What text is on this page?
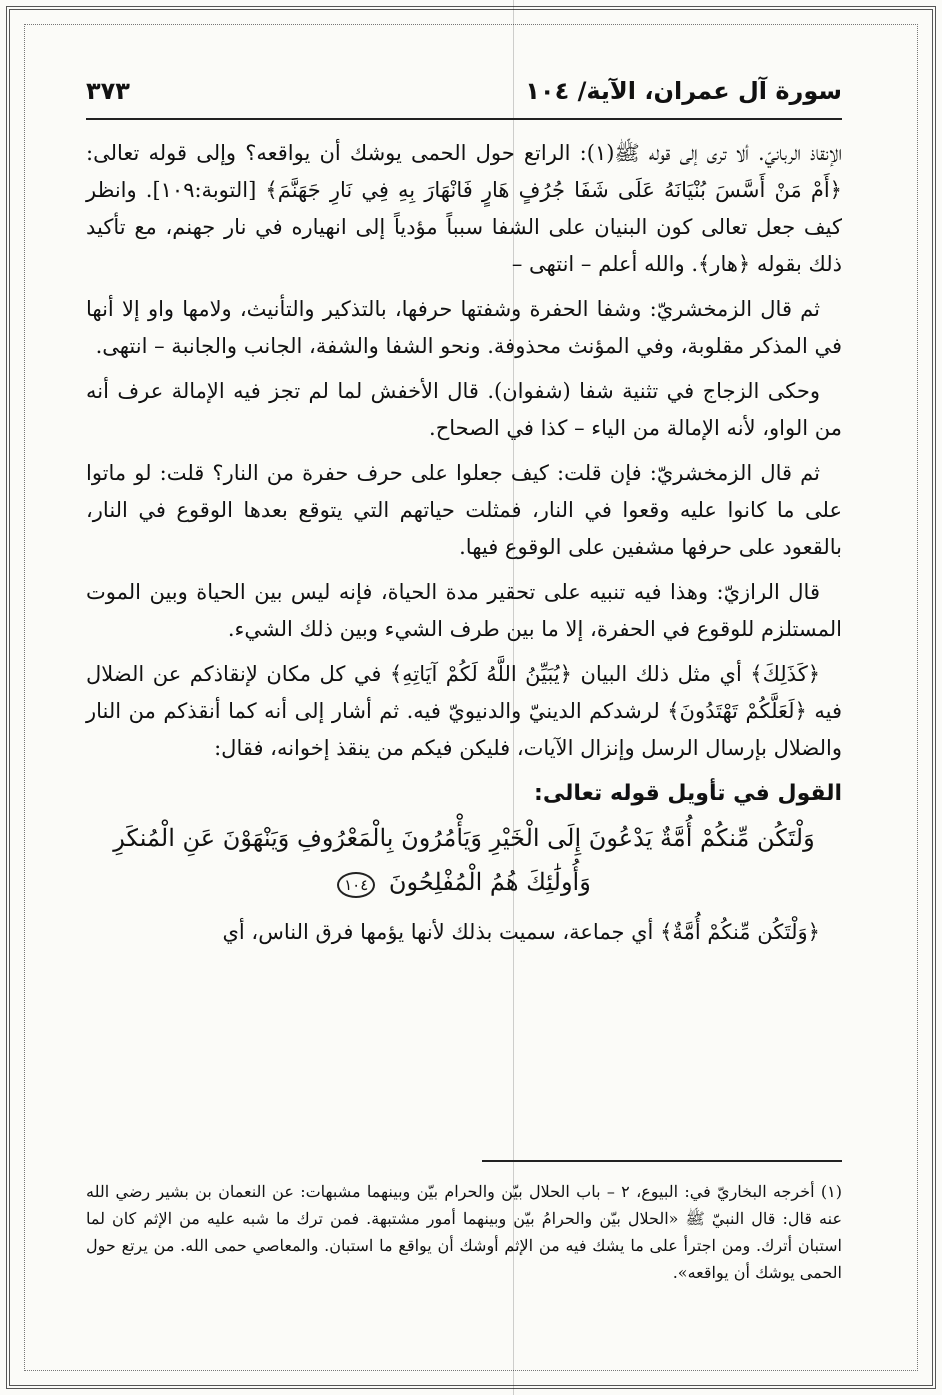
سورة آل عمران، الآية/ ١٠٤
٣٧٣

الإنقاذ الربانيّ. ألا ترى إلى قوله ﷺ(١): الراتع حول الحمى يوشك أن يواقعه؟ وإلى قوله تعالى: ﴿أَمْ مَنْ أَسَّسَ بُنْيَانَهُ عَلَى شَفَا جُرُفٍ هَارٍ فَانْهَارَ بِهِ فِي نَارِ جَهَنَّمَ﴾ [التوبة:١٠٩]. وانظر كيف جعل تعالى كون البنيان على الشفا سبباً مؤدياً إلى انهياره في نار جهنم، مع تأكيد ذلك بقوله ﴿هار﴾. والله أعلم – انتهى –

ثم قال الزمخشريّ: وشفا الحفرة وشفتها حرفها، بالتذكير والتأنيث، ولامها واو إلا أنها في المذكر مقلوبة، وفي المؤنث محذوفة. ونحو الشفا والشفة، الجانب والجانبة – انتهى.

وحكى الزجاج في تثنية شفا (شفوان). قال الأخفش لما لم تجز فيه الإمالة عرف أنه من الواو، لأنه الإمالة من الياء – كذا في الصحاح.

ثم قال الزمخشريّ: فإن قلت: كيف جعلوا على حرف حفرة من النار؟ قلت: لو ماتوا على ما كانوا عليه وقعوا في النار، فمثلت حياتهم التي يتوقع بعدها الوقوع في النار، بالقعود على حرفها مشفين على الوقوع فيها.

قال الرازيّ: وهذا فيه تنبيه على تحقير مدة الحياة، فإنه ليس بين الحياة وبين الموت المستلزم للوقوع في الحفرة، إلا ما بين طرف الشيء وبين ذلك الشيء.

﴿كَذَلِكَ﴾ أي مثل ذلك البيان ﴿يُبَيِّنُ اللَّهُ لَكُمْ آيَاتِهِ﴾ في كل مكان لإنقاذكم عن الضلال فيه ﴿لَعَلَّكُمْ تَهْتَدُونَ﴾ لرشدكم الدينيّ والدنيويّ فيه. ثم أشار إلى أنه كما أنقذكم من النار والضلال بإرسال الرسل وإنزال الآيات، فليكن فيكم من ينقذ إخوانه، فقال:

القول في تأويل قوله تعالى:
وَلْتَكُن مِّنكُمْ أُمَّةٌ يَدْعُونَ إِلَى الْخَيْرِ وَيَأْمُرُونَ بِالْمَعْرُوفِ وَيَنْهَوْنَ عَنِ الْمُنكَرِ وَأُولَٰئِكَ هُمُ الْمُفْلِحُونَ ١٠٤

﴿وَلْتَكُن مِّنكُمْ أُمَّةٌ﴾ أي جماعة، سميت بذلك لأنها يؤمها فرق الناس، أي

(١) أخرجه البخاريّ في: البيوع، ٢ – باب الحلال بيّن والحرام بيّن وبينهما مشبهات: عن النعمان بن بشير رضي الله عنه قال: قال النبيّ ﷺ «الحلال بيّن والحرامُ بيّن وبينهما أمور مشتبهة. فمن ترك ما شبه عليه من الإثم كان لما استبان أترك. ومن اجترأ على ما يشك فيه من الإثم أوشك أن يواقع ما استبان. والمعاصي حمى الله. من يرتع حول الحمى يوشك أن يواقعه».
